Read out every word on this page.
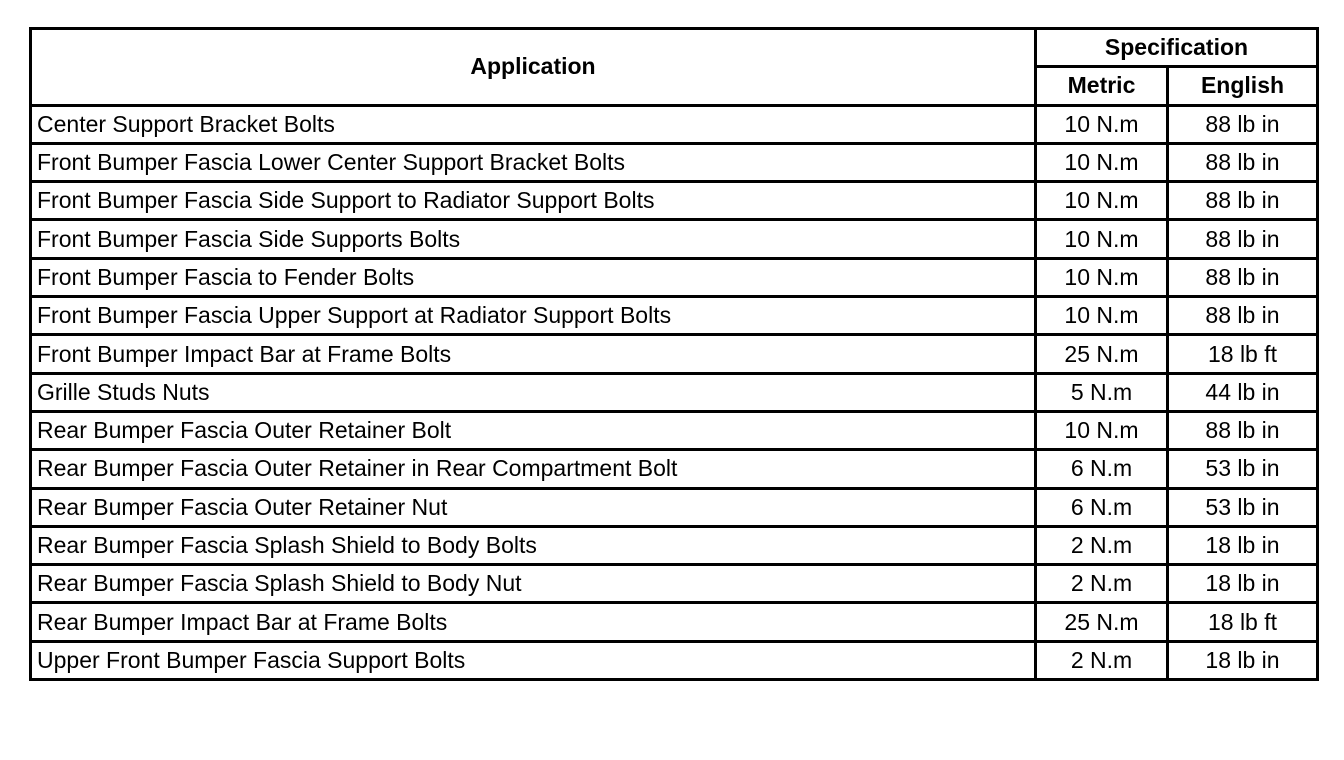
Application	Specification	
	Metric	English
Center Support Bracket Bolts	10 N.m	88 lb in
Front Bumper Fascia Lower Center Support Bracket Bolts	10 N.m	88 lb in
Front Bumper Fascia Side Support to Radiator Support Bolts	10 N.m	88 lb in
Front Bumper Fascia Side Supports Bolts	10 N.m	88 lb in
Front Bumper Fascia to Fender Bolts	10 N.m	88 lb in
Front Bumper Fascia Upper Support at Radiator Support Bolts	10 N.m	88 lb in
Front Bumper Impact Bar at Frame Bolts	25 N.m	18 lb ft
Grille Studs Nuts	5 N.m	44 lb in
Rear Bumper Fascia Outer Retainer Bolt	10 N.m	88 lb in
Rear Bumper Fascia Outer Retainer in Rear Compartment Bolt	6 N.m	53 lb in
Rear Bumper Fascia Outer Retainer Nut	6 N.m	53 lb in
Rear Bumper Fascia Splash Shield to Body Bolts	2 N.m	18 lb in
Rear Bumper Fascia Splash Shield to Body Nut	2 N.m	18 lb in
Rear Bumper Impact Bar at Frame Bolts	25 N.m	18 lb ft
Upper Front Bumper Fascia Support Bolts	2 N.m	18 lb in
